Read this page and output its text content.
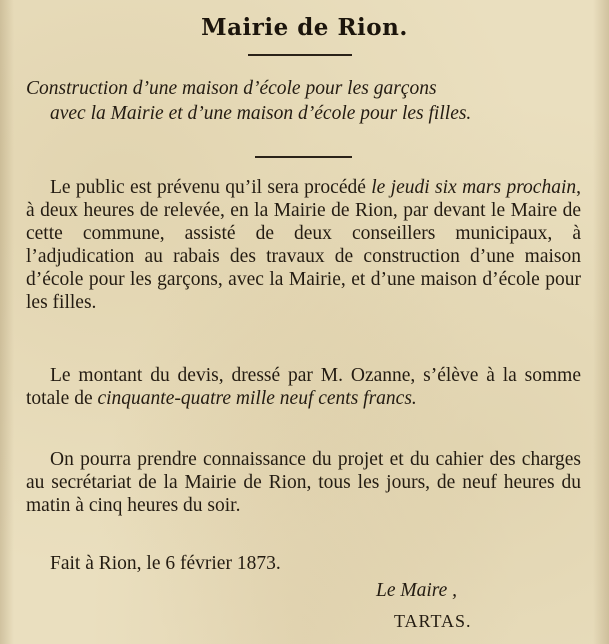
Mairie de Rion.
Construction d’une maison d’école pour les garçons
avec la Mairie et d’une maison d’école pour les filles.
Le public est prévenu qu’il sera procédé le jeudi six mars prochain, à deux heures de relevée, en la Mairie de Rion, par devant le Maire de cette commune, assisté de deux conseillers municipaux, à l’adjudication au rabais des travaux de construction d’une maison d’école pour les garçons, avec la Mairie, et d’une maison d’école pour les filles.
Le montant du devis, dressé par M. Ozanne, s’élève à la somme totale de cinquante-quatre mille neuf cents francs.
On pourra prendre connaissance du projet et du cahier des charges au secrétariat de la Mairie de Rion, tous les jours, de neuf heures du matin à cinq heures du soir.
Fait à Rion, le 6 février 1873.
Le Maire ,
TARTAS.
